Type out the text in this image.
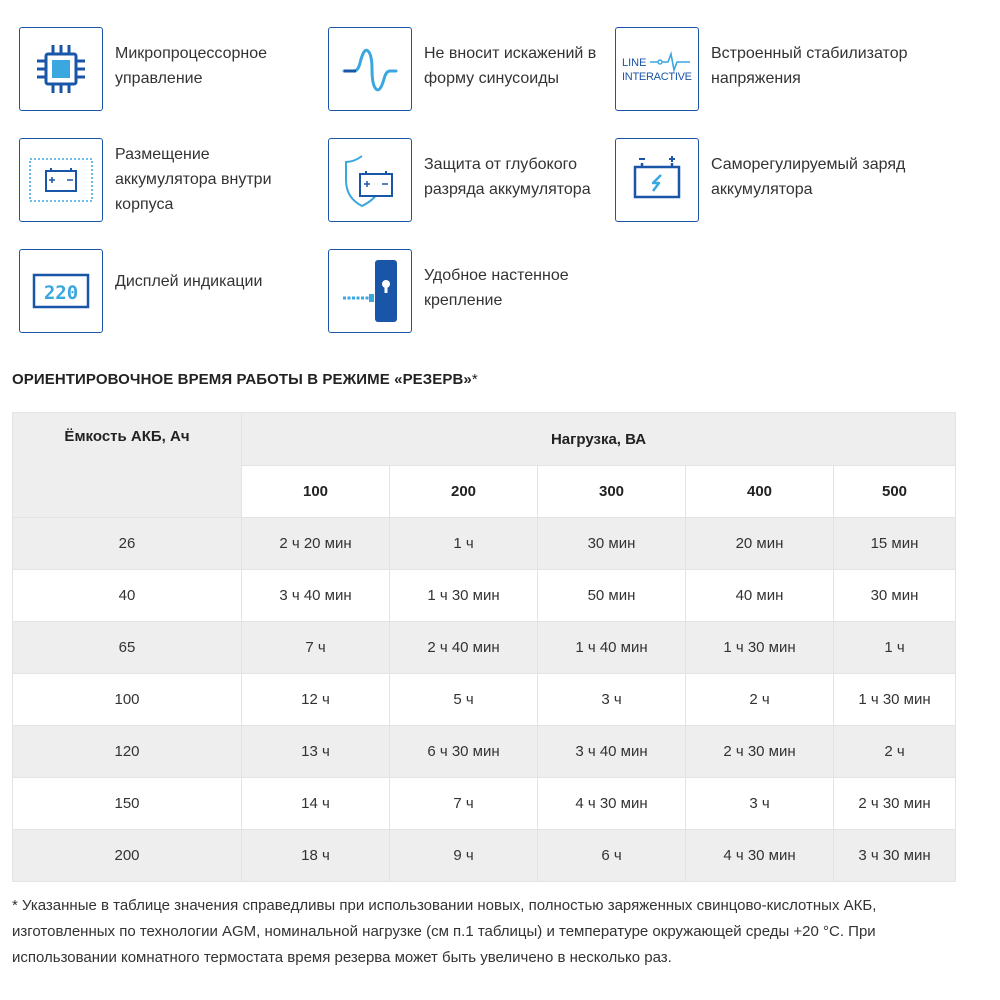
Микропроцессорное управление
Не вносит искажений в форму синусоиды
LINE
INTERACTIVE
Встроенный стабилизатор напряжения
Размещение аккумулятора внутри корпуса
Защита от глубокого разряда аккумулятора
Саморегулируемый заряд аккумулятора
220
Дисплей индикации	Удобное настенное крепление
ОРИЕНТИРОВОЧНОЕ ВРЕМЯ РАБОТЫ В РЕЖИМЕ «РЕЗЕРВ»*
Ёмкость АКБ, Ач	Нагрузка, ВА				
	100	200	300	400	500
26	2 ч 20 мин	1 ч	30 мин	20 мин	15 мин
40	3 ч 40 мин	1 ч 30 мин	50 мин	40 мин	30 мин
65	7 ч	2 ч 40 мин	1 ч 40 мин	1 ч 30 мин	1 ч
100	12 ч	5 ч	3 ч	2 ч	1 ч 30 мин
120	13 ч	6 ч 30 мин	3 ч 40 мин	2 ч 30 мин	2 ч
150	14 ч	7 ч	4 ч 30 мин	3 ч	2 ч 30 мин
200	18 ч	9 ч	6 ч	4 ч 30 мин	3 ч 30 мин
* Указанные в таблице значения справедливы при использовании новых, полностью заряженных свинцово-кислотных АКБ, изготовленных по технологии AGM, номинальной нагрузке (см п.1 таблицы) и температуре окружающей среды +20 °С. При использовании комнатного термостата время резерва может быть увеличено в несколько раз.
